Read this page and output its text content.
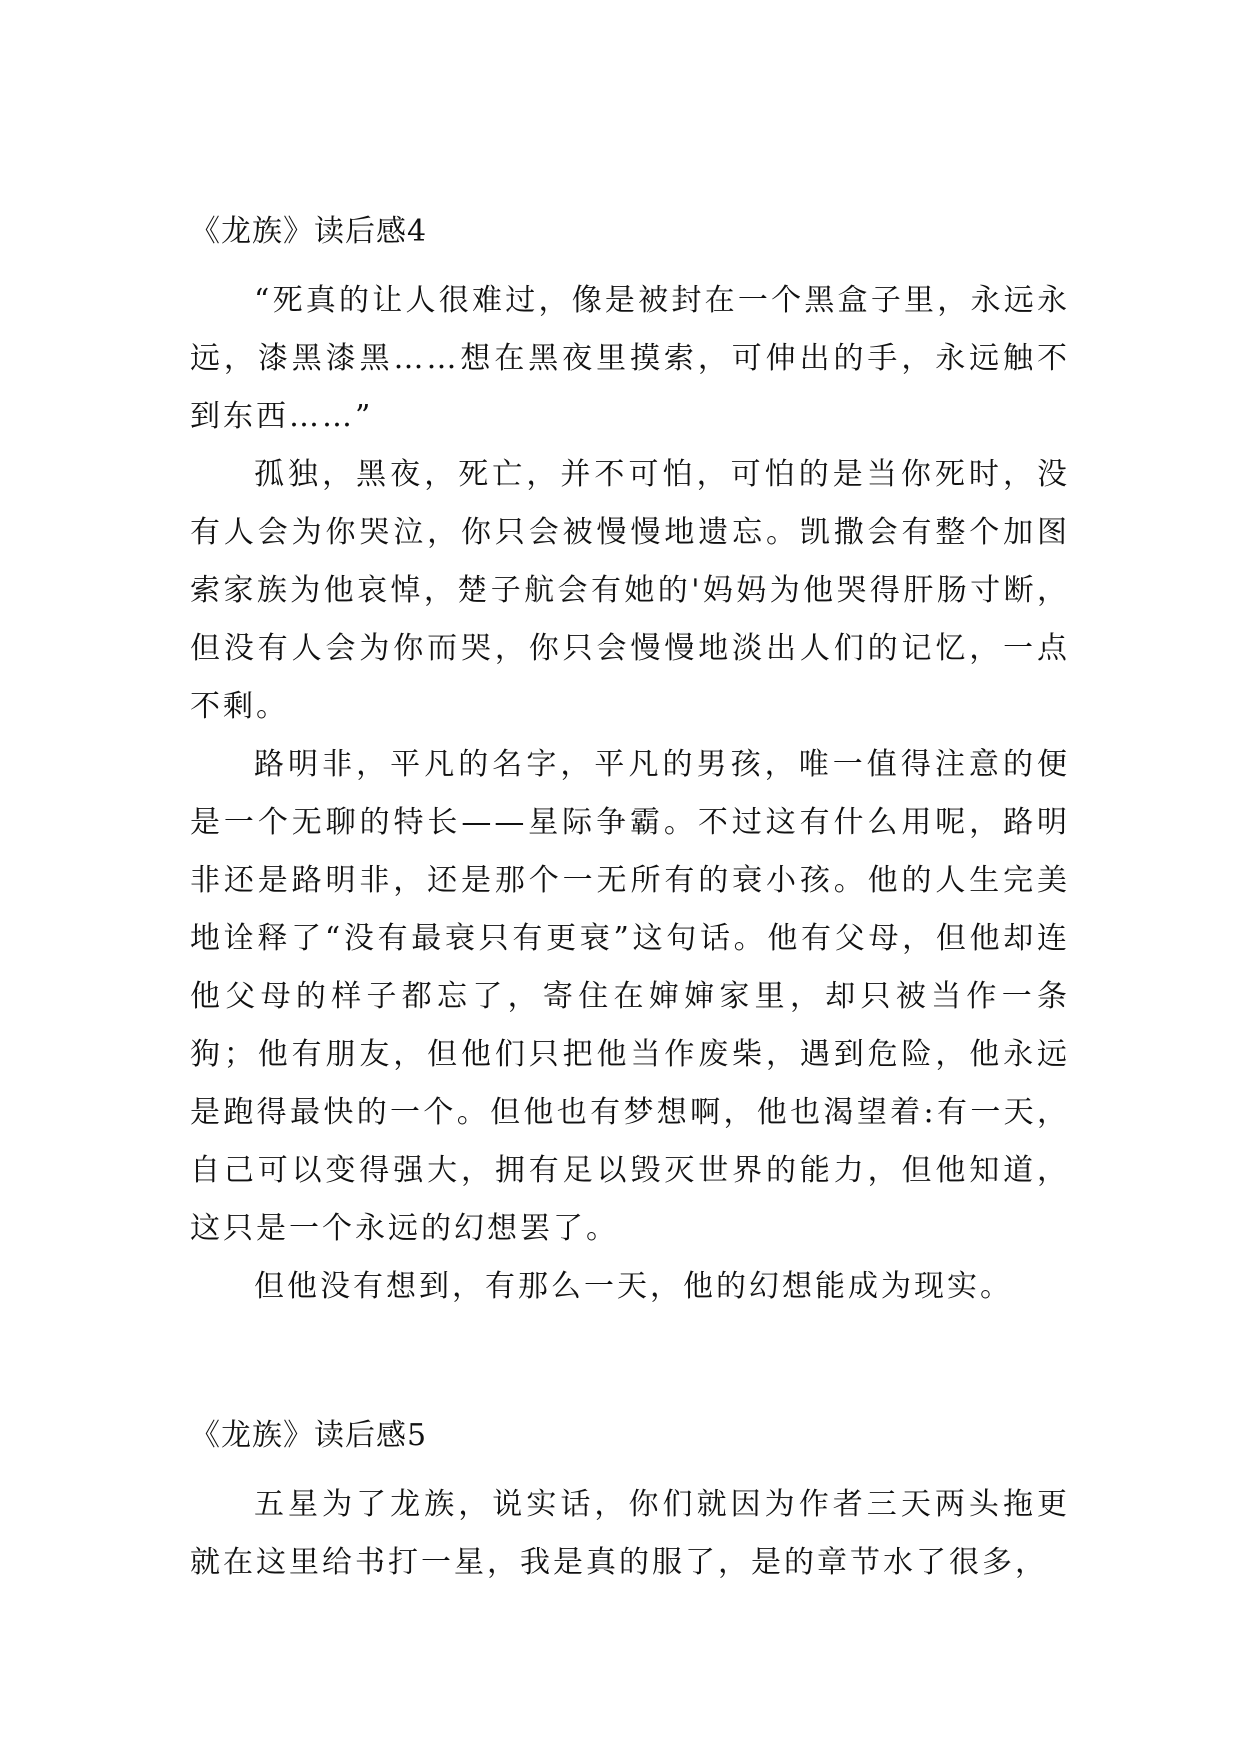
《龙族》读后感4

“死真的让人很难过，像是被封在一个黑盒子里，永远永远，漆黑漆黑……想在黑夜里摸索，可伸出的手，永远触不到东西……”

孤独，黑夜，死亡，并不可怕，可怕的是当你死时，没有人会为你哭泣，你只会被慢慢地遗忘。凯撒会有整个加图索家族为他哀悼，楚子航会有她的'妈妈为他哭得肝肠寸断，但没有人会为你而哭，你只会慢慢地淡出人们的记忆，一点不剩。

路明非，平凡的名字，平凡的男孩，唯一值得注意的便是一个无聊的特长——星际争霸。不过这有什么用呢，路明非还是路明非，还是那个一无所有的衰小孩。他的人生完美地诠释了“没有最衰只有更衰”这句话。他有父母，但他却连他父母的样子都忘了，寄住在婶婶家里，却只被当作一条狗；他有朋友，但他们只把他当作废柴，遇到危险，他永远是跑得最快的一个。但他也有梦想啊，他也渴望着:有一天，自己可以变得强大，拥有足以毁灭世界的能力，但他知道，这只是一个永远的幻想罢了。

但他没有想到，有那么一天，他的幻想能成为现实。

《龙族》读后感5

五星为了龙族，说实话，你们就因为作者三天两头拖更就在这里给书打一星，我是真的服了，是的章节水了很多，
